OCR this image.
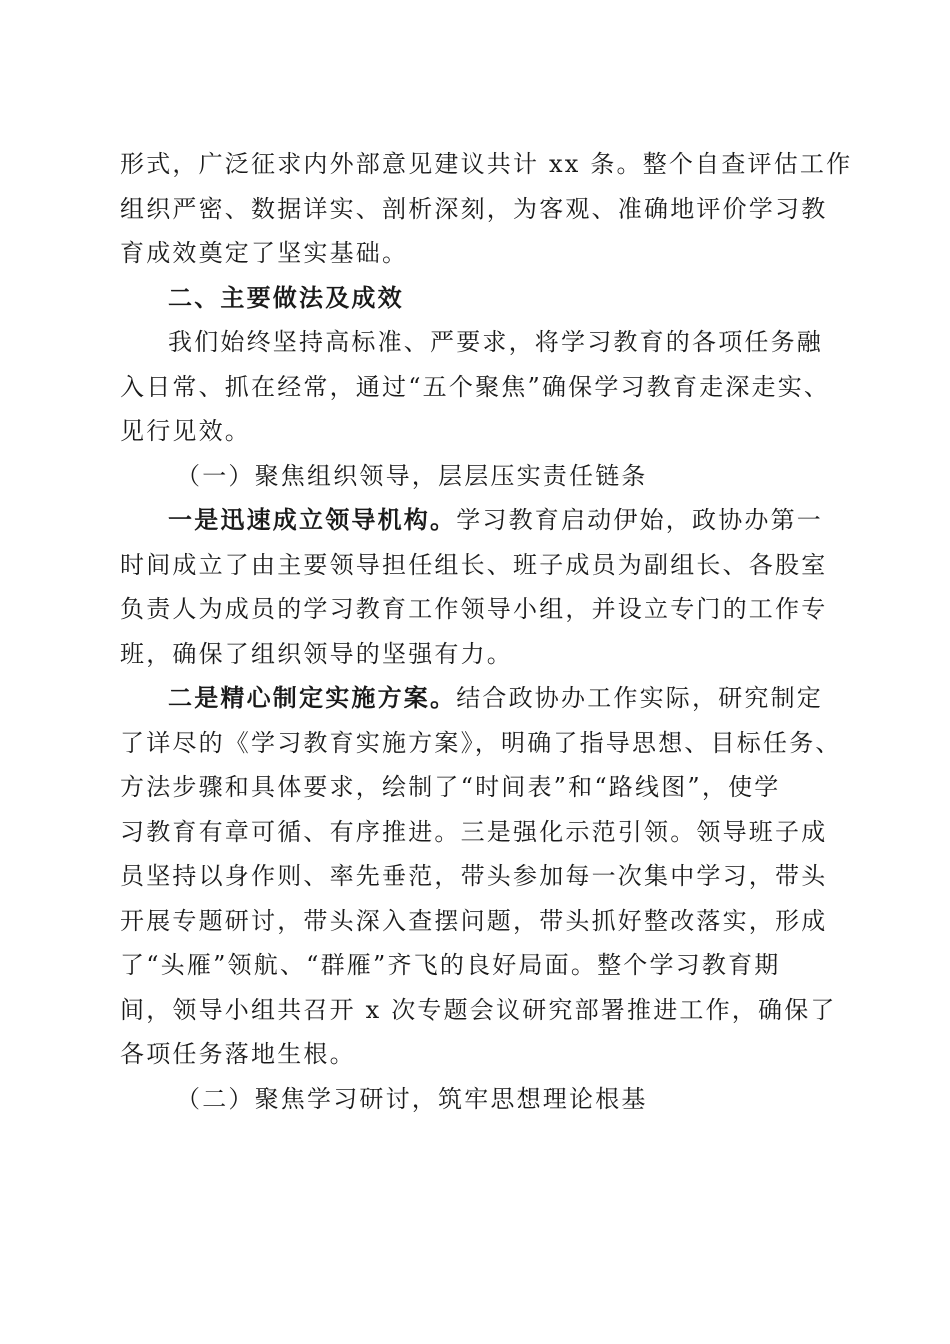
形式，广泛征求内外部意见建议共计 xx 条。整个自查评估工作
组织严密、数据详实、剖析深刻，为客观、准确地评价学习教
育成效奠定了坚实基础。
二、主要做法及成效
我们始终坚持高标准、严要求，将学习教育的各项任务融
入日常、抓在经常，通过“五个聚焦”确保学习教育走深走实、
见行见效。
（一）聚焦组织领导，层层压实责任链条
一是迅速成立领导机构。学习教育启动伊始，政协办第一
时间成立了由主要领导担任组长、班子成员为副组长、各股室
负责人为成员的学习教育工作领导小组，并设立专门的工作专
班，确保了组织领导的坚强有力。
二是精心制定实施方案。结合政协办工作实际，研究制定
了详尽的《学习教育实施方案》，明确了指导思想、目标任务、
方法步骤和具体要求，绘制了“时间表”和“路线图”，使学
习教育有章可循、有序推进。三是强化示范引领。领导班子成
员坚持以身作则、率先垂范，带头参加每一次集中学习，带头
开展专题研讨，带头深入查摆问题，带头抓好整改落实，形成
了“头雁”领航、“群雁”齐飞的良好局面。整个学习教育期
间，领导小组共召开 x 次专题会议研究部署推进工作，确保了
各项任务落地生根。
（二）聚焦学习研讨，筑牢思想理论根基
